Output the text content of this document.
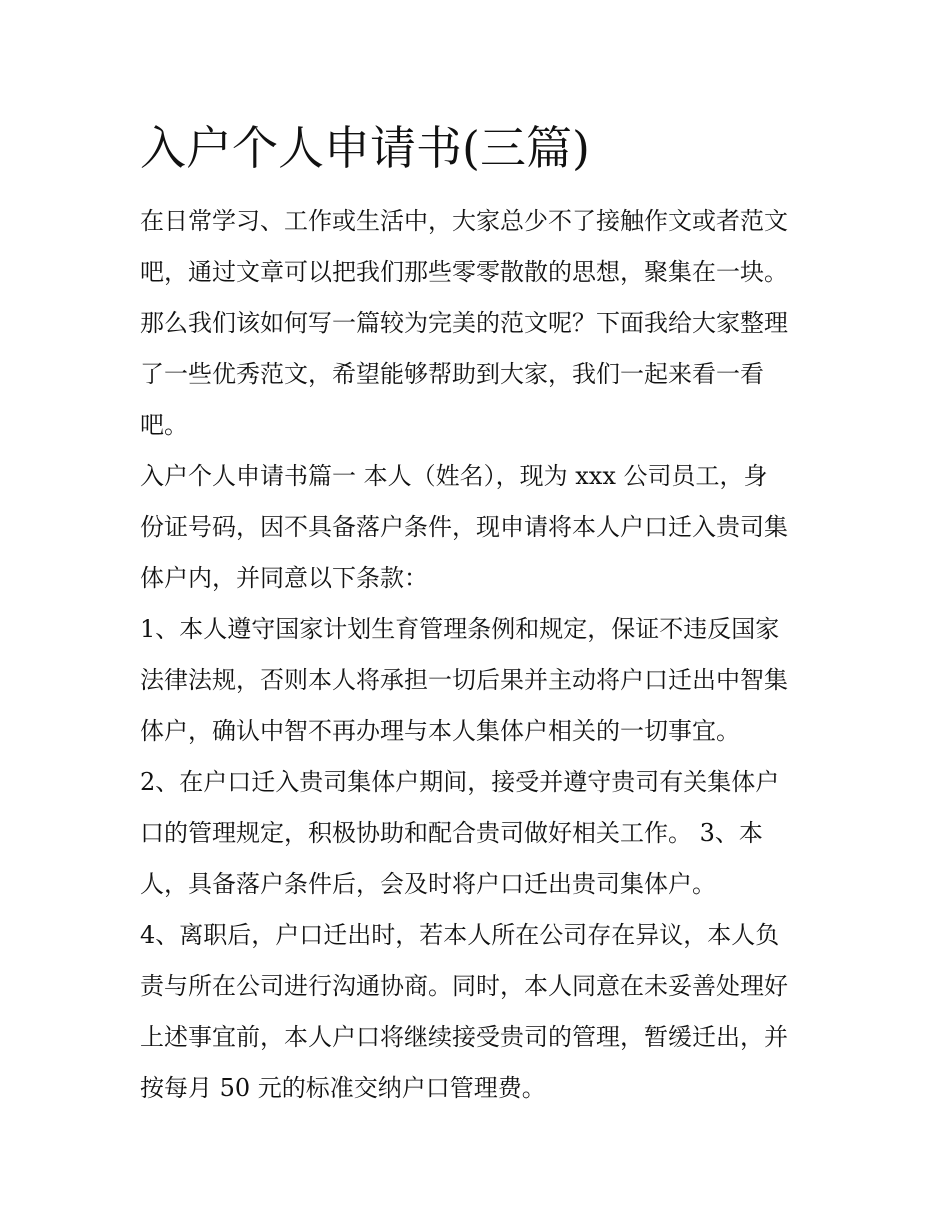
入户个人申请书(三篇)

在日常学习、工作或生活中，大家总少不了接触作文或者范文
吧，通过文章可以把我们那些零零散散的思想，聚集在一块。
那么我们该如何写一篇较为完美的范文呢？下面我给大家整理
了一些优秀范文，希望能够帮助到大家，我们一起来看一看
吧。

入户个人申请书篇一 本人（姓名），现为 xxx 公司员工，身
份证号码，因不具备落户条件，现申请将本人户口迁入贵司集
体户内，并同意以下条款：

1、本人遵守国家计划生育管理条例和规定，保证不违反国家
法律法规，否则本人将承担一切后果并主动将户口迁出中智集
体户，确认中智不再办理与本人集体户相关的一切事宜。

2、在户口迁入贵司集体户期间，接受并遵守贵司有关集体户
口的管理规定，积极协助和配合贵司做好相关工作。 3、本
人，具备落户条件后，会及时将户口迁出贵司集体户。

4、离职后，户口迁出时，若本人所在公司存在异议，本人负
责与所在公司进行沟通协商。同时，本人同意在未妥善处理好
上述事宜前，本人户口将继续接受贵司的管理，暂缓迁出，并
按每月 50 元的标准交纳户口管理费。
